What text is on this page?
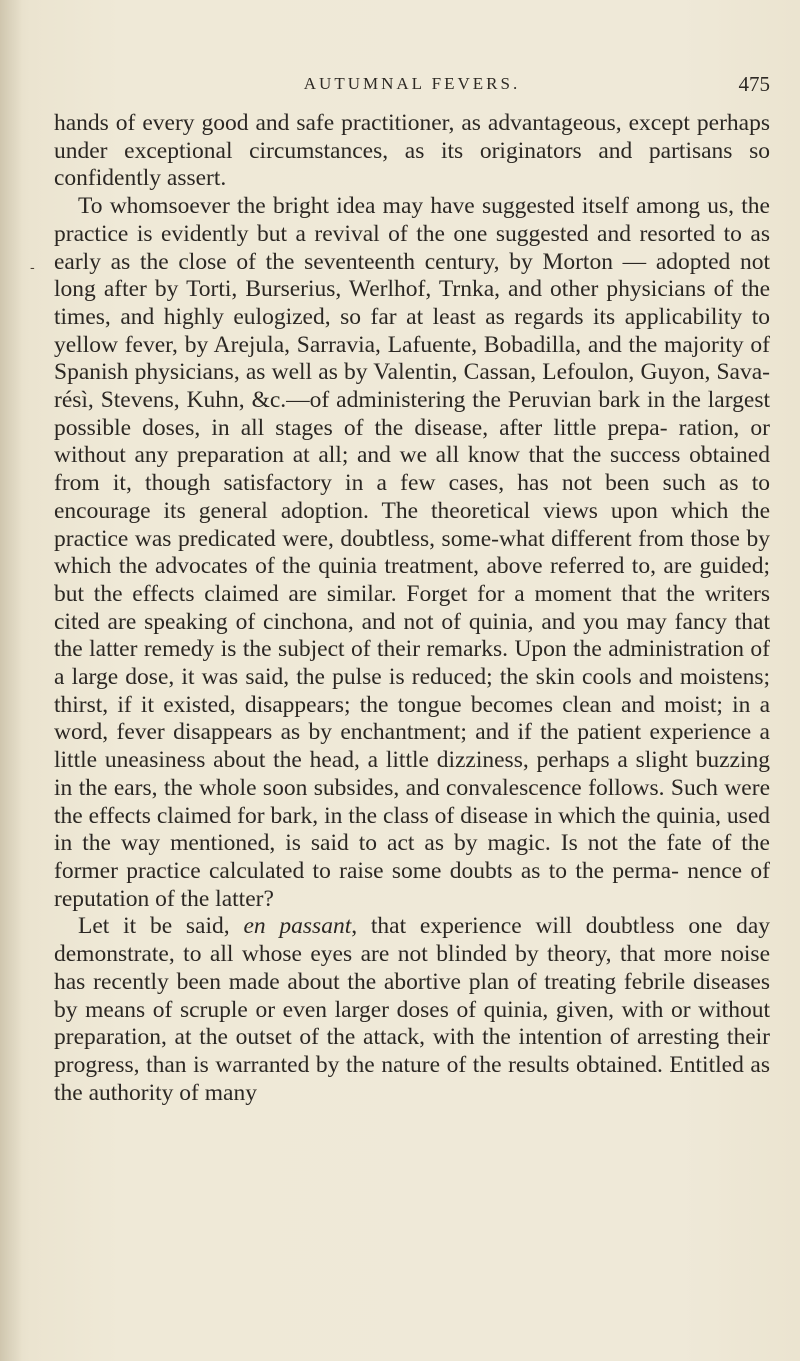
AUTUMNAL FEVERS.	475
-

hands of every good and safe practitioner, as advantageous, except perhaps under exceptional circumstances, as its originators and partisans so confidently assert.

To whomsoever the bright idea may have suggested itself among us, the practice is evidently but a revival of the one suggested and resorted to as early as the close of the seventeenth century, by Morton — adopted not long after by Torti, Burserius, Werlhof, Trnka, and other physicians of the times, and highly eulogized, so far at least as regards its applicability to yellow fever, by Arejula, Sarravia, Lafuente, Bobadilla, and the majority of Spanish physicians, as well as by Valentin, Cassan, Lefoulon, Guyon, Sava-résì, Stevens, Kuhn, &c.—of administering the Peruvian bark in the largest possible doses, in all stages of the disease, after little prepa- ration, or without any preparation at all; and we all know that the success obtained from it, though satisfactory in a few cases, has not been such as to encourage its general adoption. The theoretical views upon which the practice was predicated were, doubtless, some-what different from those by which the advocates of the quinia treatment, above referred to, are guided; but the effects claimed are similar. Forget for a moment that the writers cited are speaking of cinchona, and not of quinia, and you may fancy that the latter remedy is the subject of their remarks. Upon the administration of a large dose, it was said, the pulse is reduced; the skin cools and moistens; thirst, if it existed, disappears; the tongue becomes clean and moist; in a word, fever disappears as by enchantment; and if the patient experience a little uneasiness about the head, a little dizziness, perhaps a slight buzzing in the ears, the whole soon subsides, and convalescence follows. Such were the effects claimed for bark, in the class of disease in which the quinia, used in the way mentioned, is said to act as by magic. Is not the fate of the former practice calculated to raise some doubts as to the perma- nence of reputation of the latter?

Let it be said, en passant, that experience will doubtless one day demonstrate, to all whose eyes are not blinded by theory, that more noise has recently been made about the abortive plan of treating febrile diseases by means of scruple or even larger doses of quinia, given, with or without preparation, at the outset of the attack, with the intention of arresting their progress, than is warranted by the nature of the results obtained. Entitled as the authority of many
